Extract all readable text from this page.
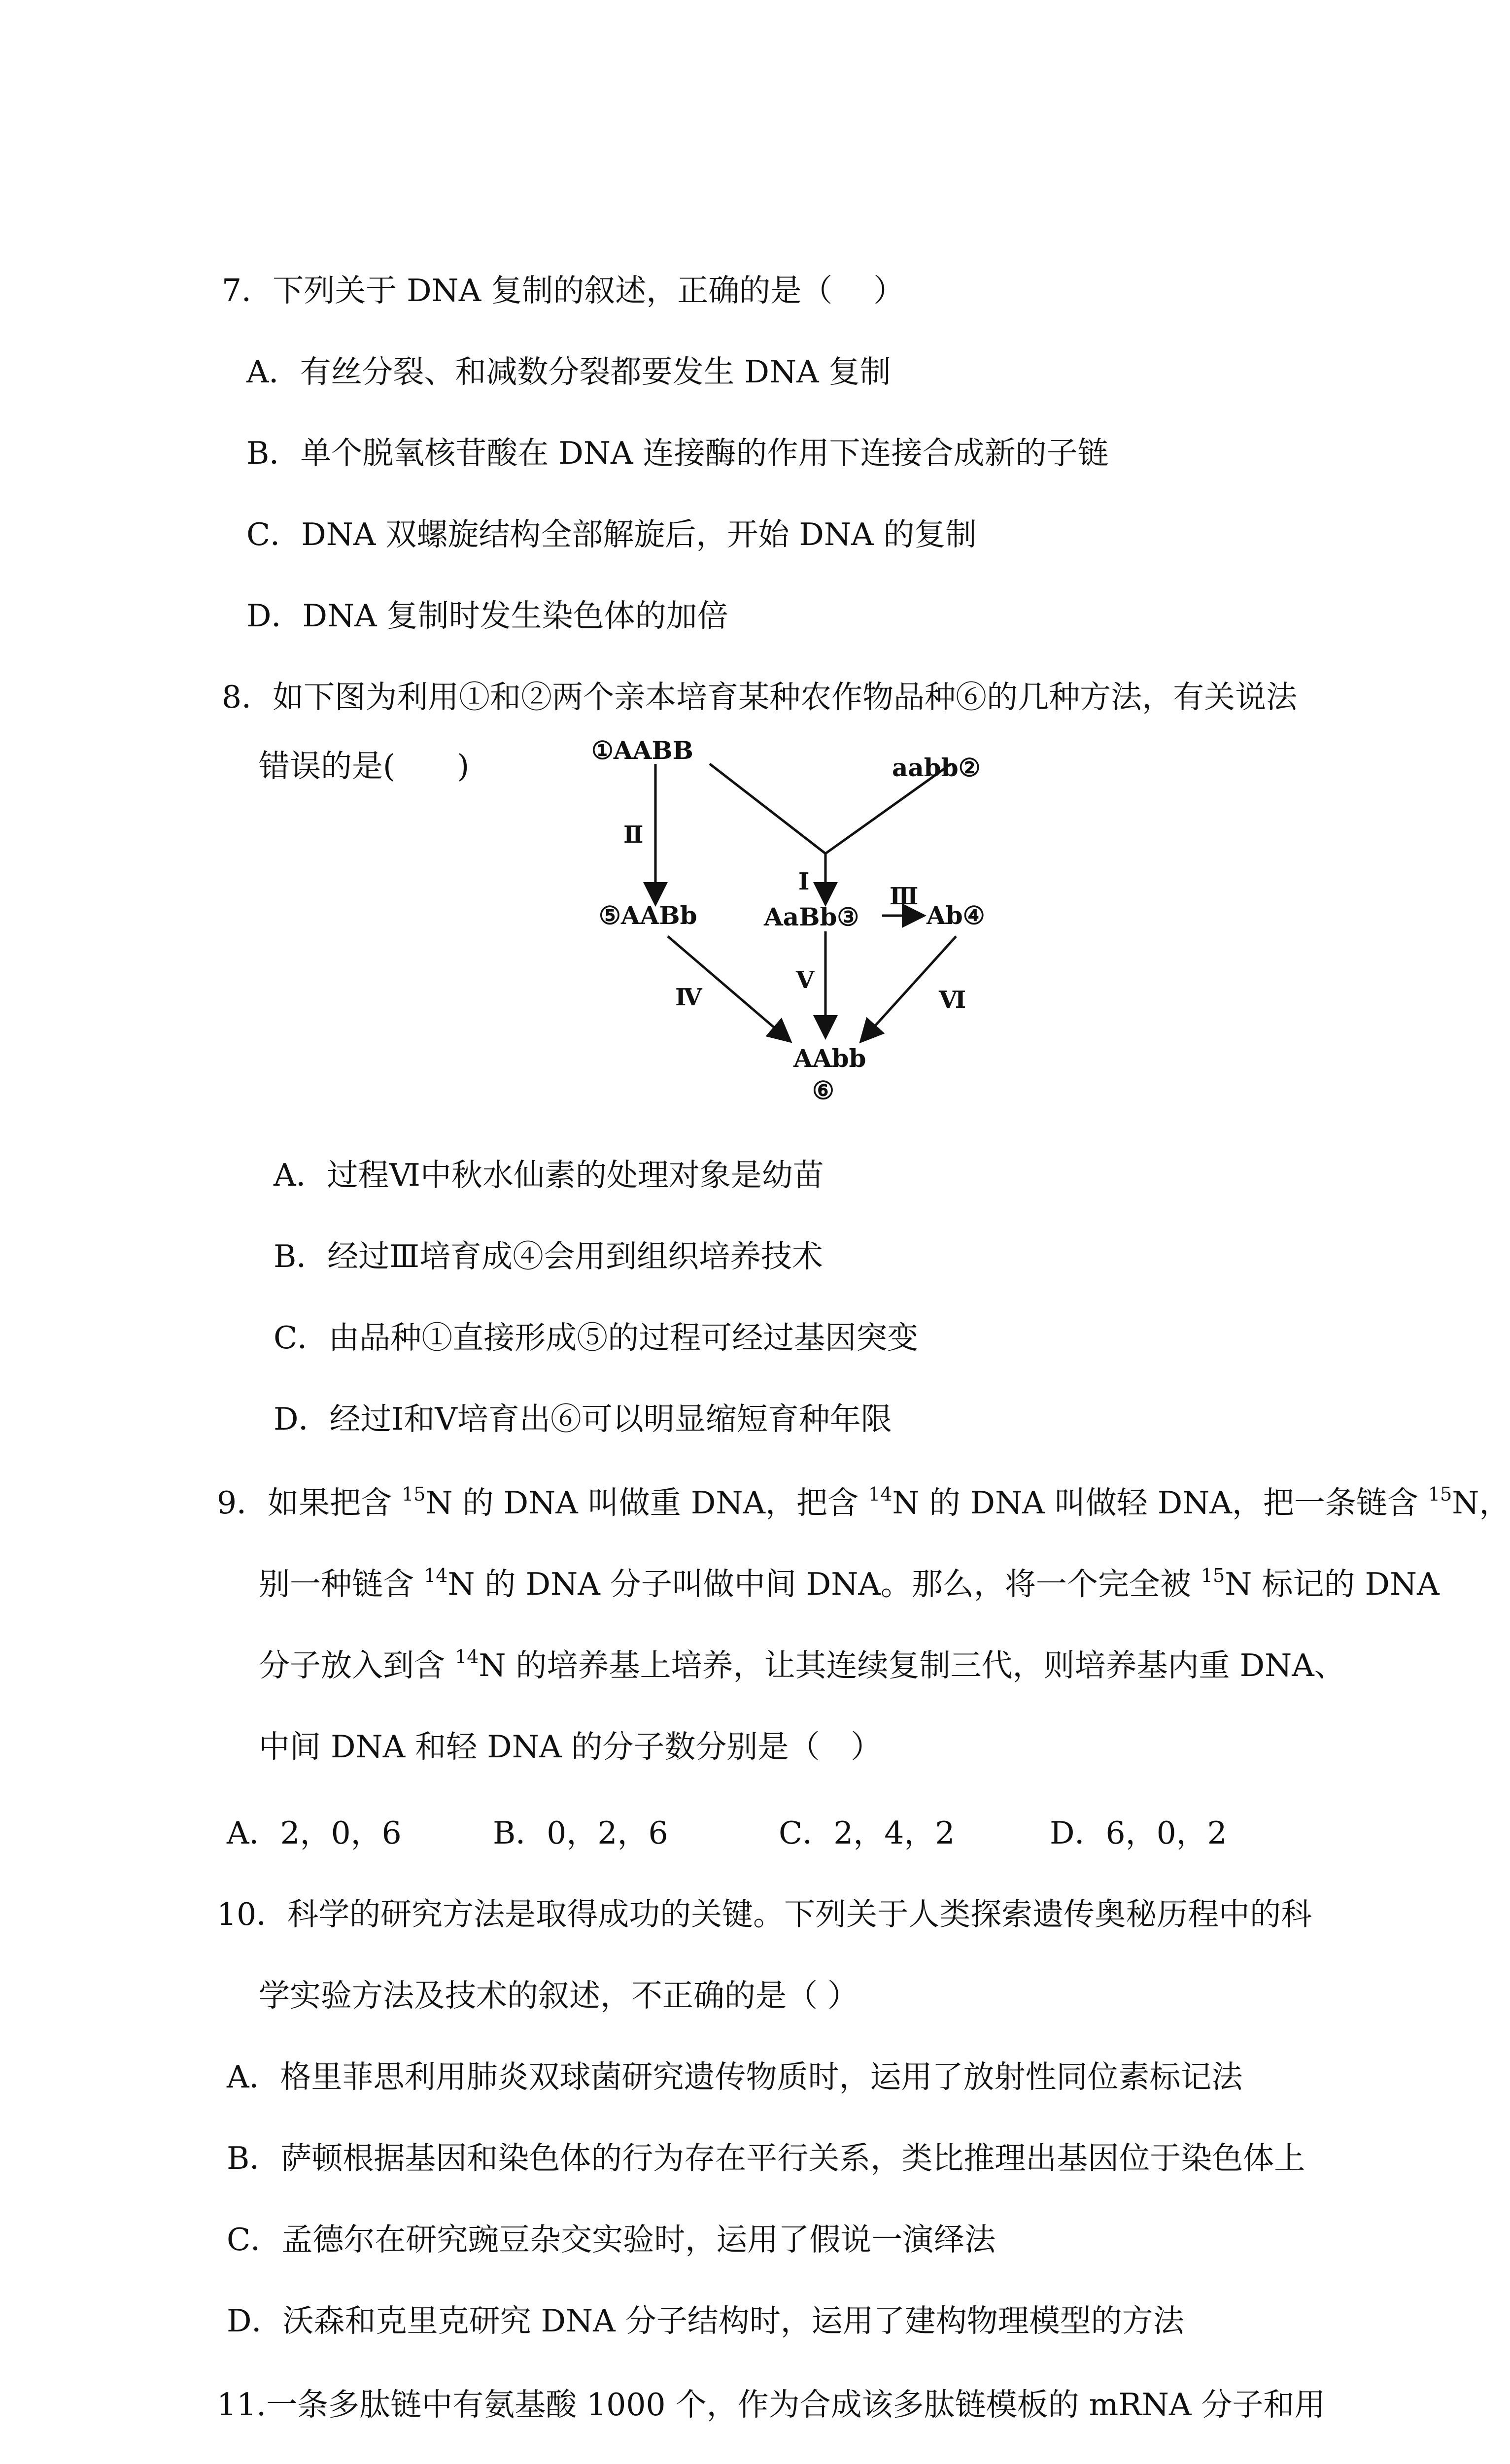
7．下列关于 DNA 复制的叙述，正确的是（　 ）
A．有丝分裂、和减数分裂都要发生 DNA 复制
B．单个脱氧核苷酸在 DNA 连接酶的作用下连接合成新的子链
C．DNA 双螺旋结构全部解旋后，开始 DNA 的复制
D．DNA 复制时发生染色体的加倍
8．如下图为利用①和②两个亲本培育某种农作物品种⑥的几种方法，有关说法
错误的是(　　)	①AABB
aabb②
AaBb③	Ab④
⑤AABb
AAbb
⑥
Ⅱ
Ⅰ
Ⅲ
Ⅳ
Ⅴ
Ⅵ
A．过程Ⅵ中秋水仙素的处理对象是幼苗
B．经过Ⅲ培育成④会用到组织培养技术
C．由品种①直接形成⑤的过程可经过基因突变
D．经过Ⅰ和Ⅴ培育出⑥可以明显缩短育种年限
9．如果把含 $^{15}$N 的 DNA 叫做重 DNA，把含 $^{14}$N 的 DNA 叫做轻 DNA，把一条链含 $^{15}$N，
别一种链含 $^{14}$N 的 DNA 分子叫做中间 DNA。那么，将一个完全被 $^{15}$N 标记的 DNA
分子放入到含 $^{14}$N 的培养基上培养，让其连续复制三代，则培养基内重 DNA、
中间 DNA 和轻 DNA 的分子数分别是（　）
A．2，0，6	B．0，2，6	C．2，4，2	D．6，0，2
10．科学的研究方法是取得成功的关键。下列关于人类探索遗传奥秘历程中的科
学实验方法及技术的叙述，不正确的是（ ）
A．格里菲思利用肺炎双球菌研究遗传物质时，运用了放射性同位素标记法
B．萨顿根据基因和染色体的行为存在平行关系，类比推理出基因位于染色体上
C．孟德尔在研究豌豆杂交实验时，运用了假说一演绎法
D．沃森和克里克研究 DNA 分子结构时，运用了建构物理模型的方法
11.一条多肽链中有氨基酸 1000 个，作为合成该多肽链模板的 mRNA 分子和用
